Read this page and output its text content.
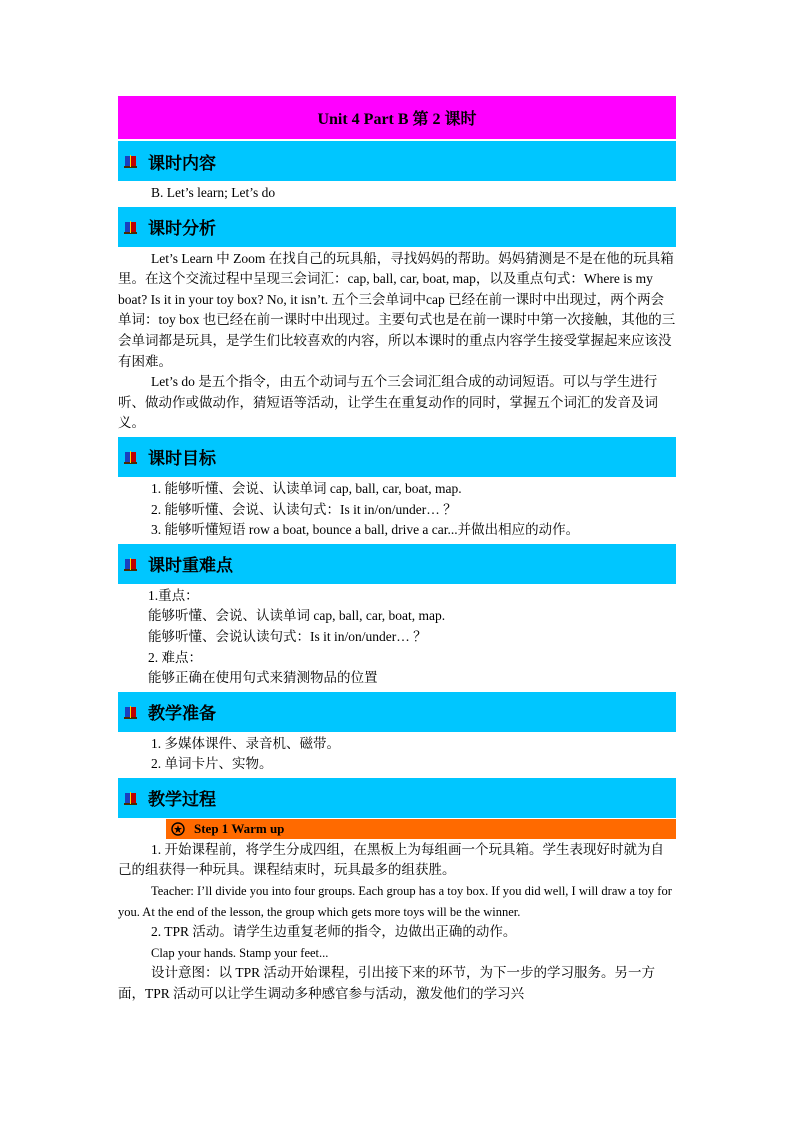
Unit 4 Part B 第 2 课时
课时内容

B. Let’s learn; Let’s do

课时分析

Let’s Learn 中 Zoom 在找自己的玩具船，寻找妈妈的帮助。妈妈猜测是不是在他的玩具箱里。在这个交流过程中呈现三会词汇：cap, ball, car, boat, map，以及重点句式：Where is my boat? Is it in your toy box? No, it isn’t. 五个三会单词中cap 已经在前一课时中出现过，两个两会单词：toy box 也已经在前一课时中出现过。主要句式也是在前一课时中第一次接触，其他的三会单词都是玩具，是学生们比较喜欢的内容，所以本课时的重点内容学生接受掌握起来应该没有困难。

Let’s do 是五个指令，由五个动词与五个三会词汇组合成的动词短语。可以与学生进行听、做动作或做动作，猜短语等活动，让学生在重复动作的同时，掌握五个词汇的发音及词义。

课时目标

1. 能够听懂、会说、认读单词 cap, ball, car, boat, map.

2. 能够听懂、会说、认读句式：Is it in/on/under… ？

3. 能够听懂短语 row a boat, bounce a ball, drive a car...并做出相应的动作。

课时重难点

1.重点：

能够听懂、会说、认读单词 cap, ball, car, boat, map.

能够听懂、会说认读句式：Is it in/on/under… ？

2. 难点：

能够正确在使用句式来猜测物品的位置

教学准备

1. 多媒体课件、录音机、磁带。

2. 单词卡片、实物。

教学过程
Step 1 Warm up

1. 开始课程前，将学生分成四组，在黑板上为每组画一个玩具箱。学生表现好时就为自己的组获得一种玩具。课程结束时，玩具最多的组获胜。

Teacher: I’ll divide you into four groups. Each group has a toy box. If you did well, I will draw a toy for you. At the end of the lesson, the group which gets more toys will be the winner.

2. TPR 活动。请学生边重复老师的指令，边做出正确的动作。

Clap your hands. Stamp your feet...

设计意图：以 TPR 活动开始课程，引出接下来的环节，为下一步的学习服务。另一方面，TPR 活动可以让学生调动多种感官参与活动，激发他们的学习兴
